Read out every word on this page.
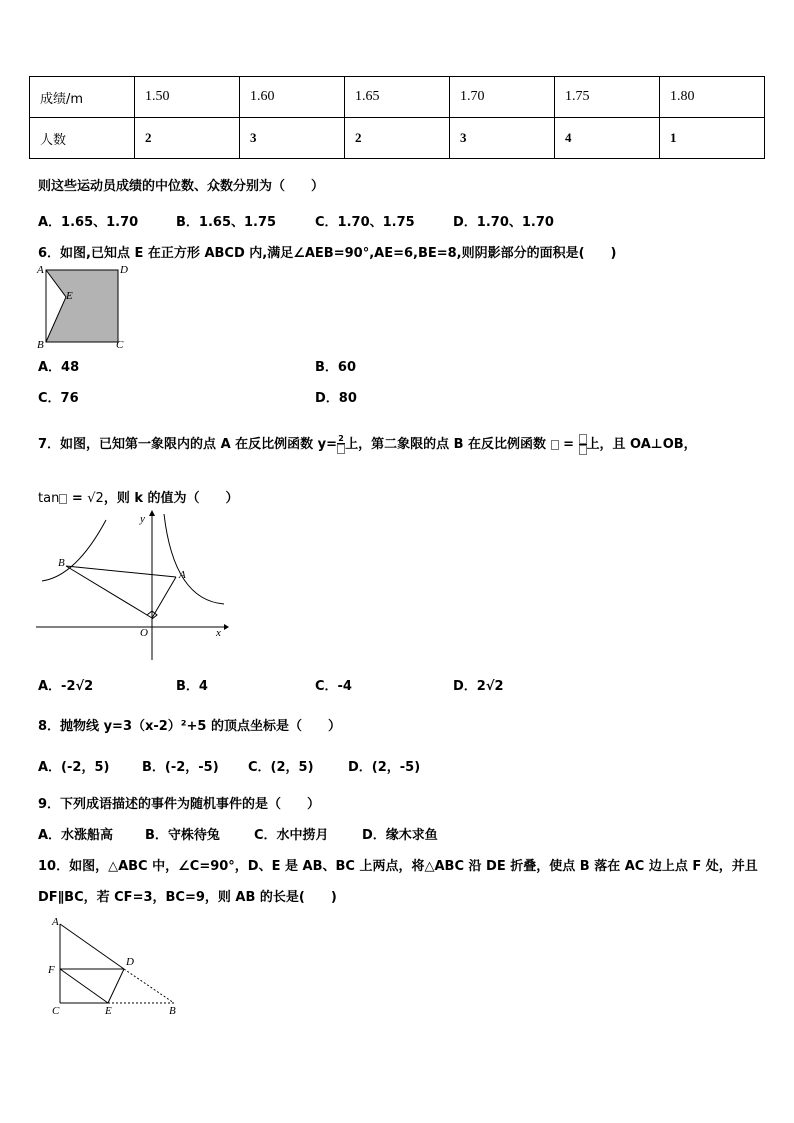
成绩/m	1.50	1.60	1.65	1.70	1.75	1.80
人数	2	3	2	3	4	1
则这些运动员成绩的中位数、众数分别为（　　）
A．1.65、1.70	B．1.65、1.75	C．1.70、1.75	D．1.70、1.70
6．如图,已知点 E 在正方形 ABCD 内,满足∠AEB=90°,AE=6,BE=8,则阴影部分的面积是(　　)
A	D
E
B	C
A．48	B．60
C．76	D．80
7．如图，已知第一象限内的点 A 在反比例函数 y= 2 上，第二象限的点 B 在反比例函数  =
上，且 OA⊥OB，
tan = √2，则 k 的值为（　　）
y
B
A
O	x
A．-2√2	B．4	C．-4	D．2√2
8．抛物线 y=3（x-2）²+5 的顶点坐标是（　　）
A．(-2，5)	B．(-2，-5) C．(2，5)	D．(2，-5)
9．下列成语描述的事件为随机事件的是（　　）
A．水涨船高 B．守株待兔	C．水中捞月	D．缘木求鱼
10．如图，△ABC 中，∠C=90°，D、E 是 AB、BC 上两点，将△ABC 沿 DE 折叠，使点 B 落在 AC 边上点 F 处，并且
DF∥BC，若 CF=3，BC=9，则 AB 的长是(　　)
A
F
D
C	E	B
